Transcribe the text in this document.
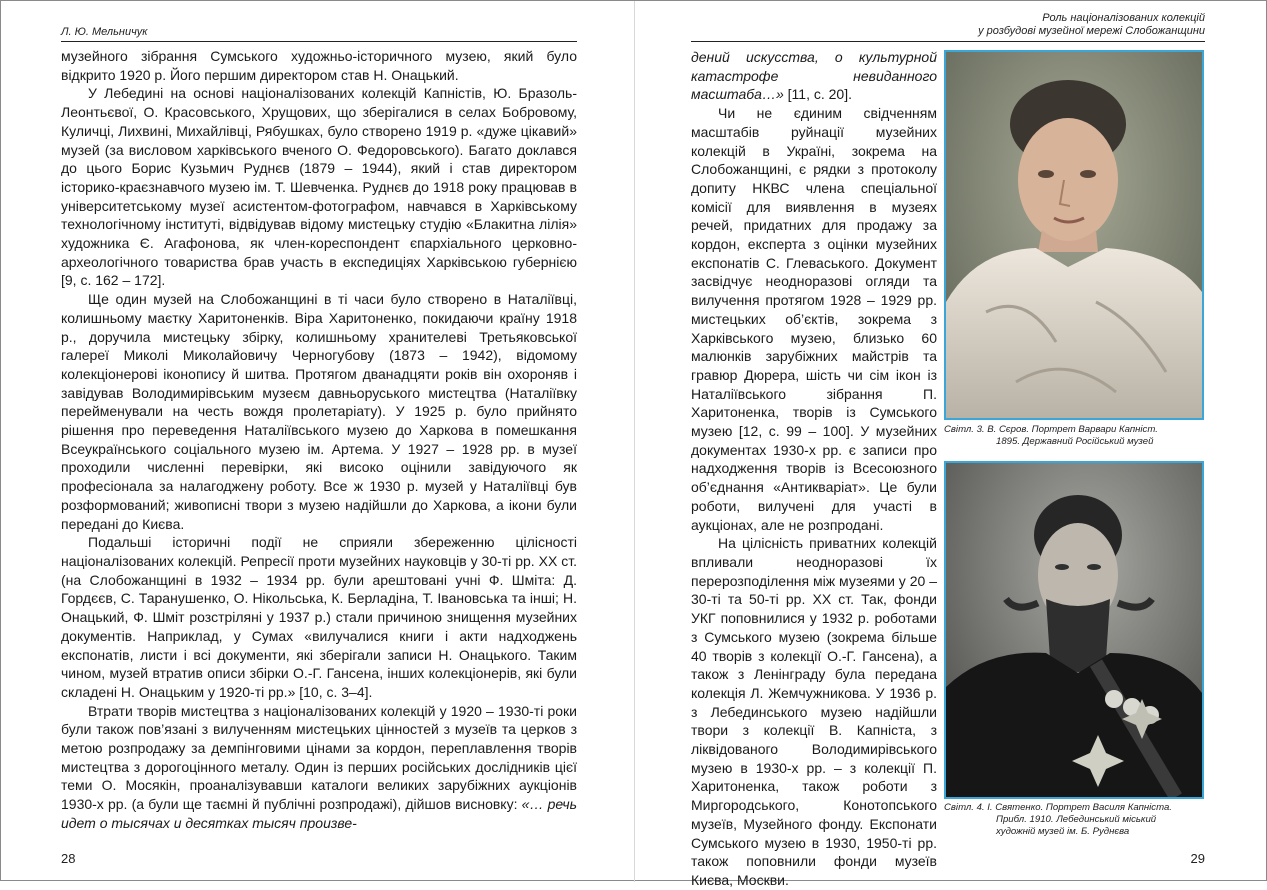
Л. Ю. Мельничук

музейного зібрання Сумського художньо-історичного музею, який було відкрито 1920 р. Його першим директором став Н. Онацький.

У Лебедині на основі націоналізованих колекцій Капністів, Ю. Бразоль-Леонтьєвої, О. Красовського, Хрущових, що зберігалися в селах Бобровому, Куличці, Лихвині, Михайлівці, Рябушках, було створено 1919 р. «дуже цікавий» музей (за висловом харківського вченого О. Федоровського). Багато доклався до цього Борис Кузьмич Руднєв (1879 – 1944), який і став директором історико-краєзнавчого музею ім. Т. Шевченка. Руднєв до 1918 року працював в університетському музеї асистентом-фотографом, навчався в Харківському технологічному інституті, відвідував відому мистецьку студію «Блакитна лілія» художника Є. Агафонова, як член-кореспондент єпархіального церковно-археологічного товариства брав участь в експедиціях Харківською губернією [9, с. 162 – 172].

Ще один музей на Слобожанщині в ті часи було створено в Наталіївці, колишньому маєтку Харитоненків. Віра Харитоненко, покидаючи країну 1918 р., доручила мистецьку збірку, колишньому хранителеві Третьяковської галереї Миколі Миколайовичу Черногубову (1873 – 1942), відомому колекціонерові іконопису й шитва. Протягом дванадцяти років він охороняв і завідував Володимирівським музеєм давньоруського мистецтва (Наталіївку перейменували на честь вождя пролетаріату). У 1925 р. було прийнято рішення про переведення Наталіївського музею до Харкова в помешкання Всеукраїнського соціального музею ім. Артема. У 1927 – 1928 рр. в музеї проходили численні перевірки, які високо оцінили завідуючого як професіонала за налагоджену роботу. Все ж 1930 р. музей у Наталіївці був розформований; живописні твори з музею надійшли до Харкова, а ікони були передані до Києва.

Подальші історичні події не сприяли збереженню цілісності націоналізованих колекцій. Репресії проти музейних науковців у 30-ті рр. ХХ ст. (на Слобожанщині в 1932 – 1934 рр. були арештовані учні Ф. Шміта: Д. Гордєєв, С. Таранушенко, О. Нікольська, К. Берладіна, Т. Івановська та інші; Н. Онацький, Ф. Шміт розстріляні у 1937 р.) стали причиною знищення музейних документів. Наприклад, у Сумах «вилучалися книги і акти надходжень експонатів, листи і всі документи, які зберігали записи Н. Онацького. Таким чином, музей втратив описи збірки О.-Г. Гансена, інших колекціонерів, які були складені Н. Онацьким у 1920-ті рр.» [10, с. 3–4].

Втрати творів мистецтва з націоналізованих колекцій у 1920 – 1930-ті роки були також пов’язані з вилученням мистецьких цінностей з музеїв та церков з метою розпродажу за демпінговими цінами за кордон, переплавлення творів мистецтва з дорогоцінного металу. Один із перших російських дослідників цієї теми О. Мосякін, проаналізувавши каталоги великих зарубіжних аукціонів 1930-х рр. (а були ще таємні й публічні розпродажі), дійшов висновку: «… речь идет о тысячах и десятках тысяч произве-

28
Роль націоналізованих колекцій
у розбудові музейної мережі Слобожанщини

дений искусства, о культурной катастрофе невиданного масштаба…» [11, с. 20].

Чи не єдиним свідченням масштабів руйнації музейних колекцій в Україні, зокрема на Слобожанщині, є рядки з протоколу допиту НКВС члена спеціальної комісії для виявлення в музеях речей, придатних для продажу за кордон, експерта з оцінки музейних експонатів С. Глеваського. Документ засвідчує неодноразові огляди та вилучення протягом 1928 – 1929 рр. мистецьких об’єктів, зокрема з Харківського музею, близько 60 малюнків зарубіжних майстрів та гравюр Дюрера, шість чи сім ікон із Наталіївського зібрання П. Харитоненка, творів із Сумського музею [12, с. 99 – 100]. У музейних документах 1930-х рр. є записи про надходження творів із Всесоюзного об’єднання «Антикваріат». Це були роботи, вилучені для участі в аукціонах, але не розпродані.

На цілісність приватних колекцій впливали неодноразові їх перерозподілення між музеями у 20 – 30-ті та 50-ті рр. ХХ ст. Так, фонди УКГ поповнилися у 1932 р. роботами з Сумського музею (зокрема більше 40 творів з колекції О.-Г. Гансена), а також з Ленінграду була передана колекція Л. Жемчужникова. У 1936 р. з Лебединського музею надійшли твори з колекції В. Капніста, з ліквідованого Володимирівського музею в 1930-х рр. – з колекції П. Харитоненка, також роботи з Миргородського, Конотопського музеїв, Музейного фонду. Експонати Сумського музею в 1930, 1950-ті рр. також поповнили фонди музеїв Києва, Москви.

Світл. 3. В. Сєров. Портрет Варвари Капніст.
1895. Державний Російський музей
Світл. 4. І. Святенко. Портрет Василя Капніста.
Прибл. 1910. Лебединський міський
художній музей ім. Б. Руднєва
29
